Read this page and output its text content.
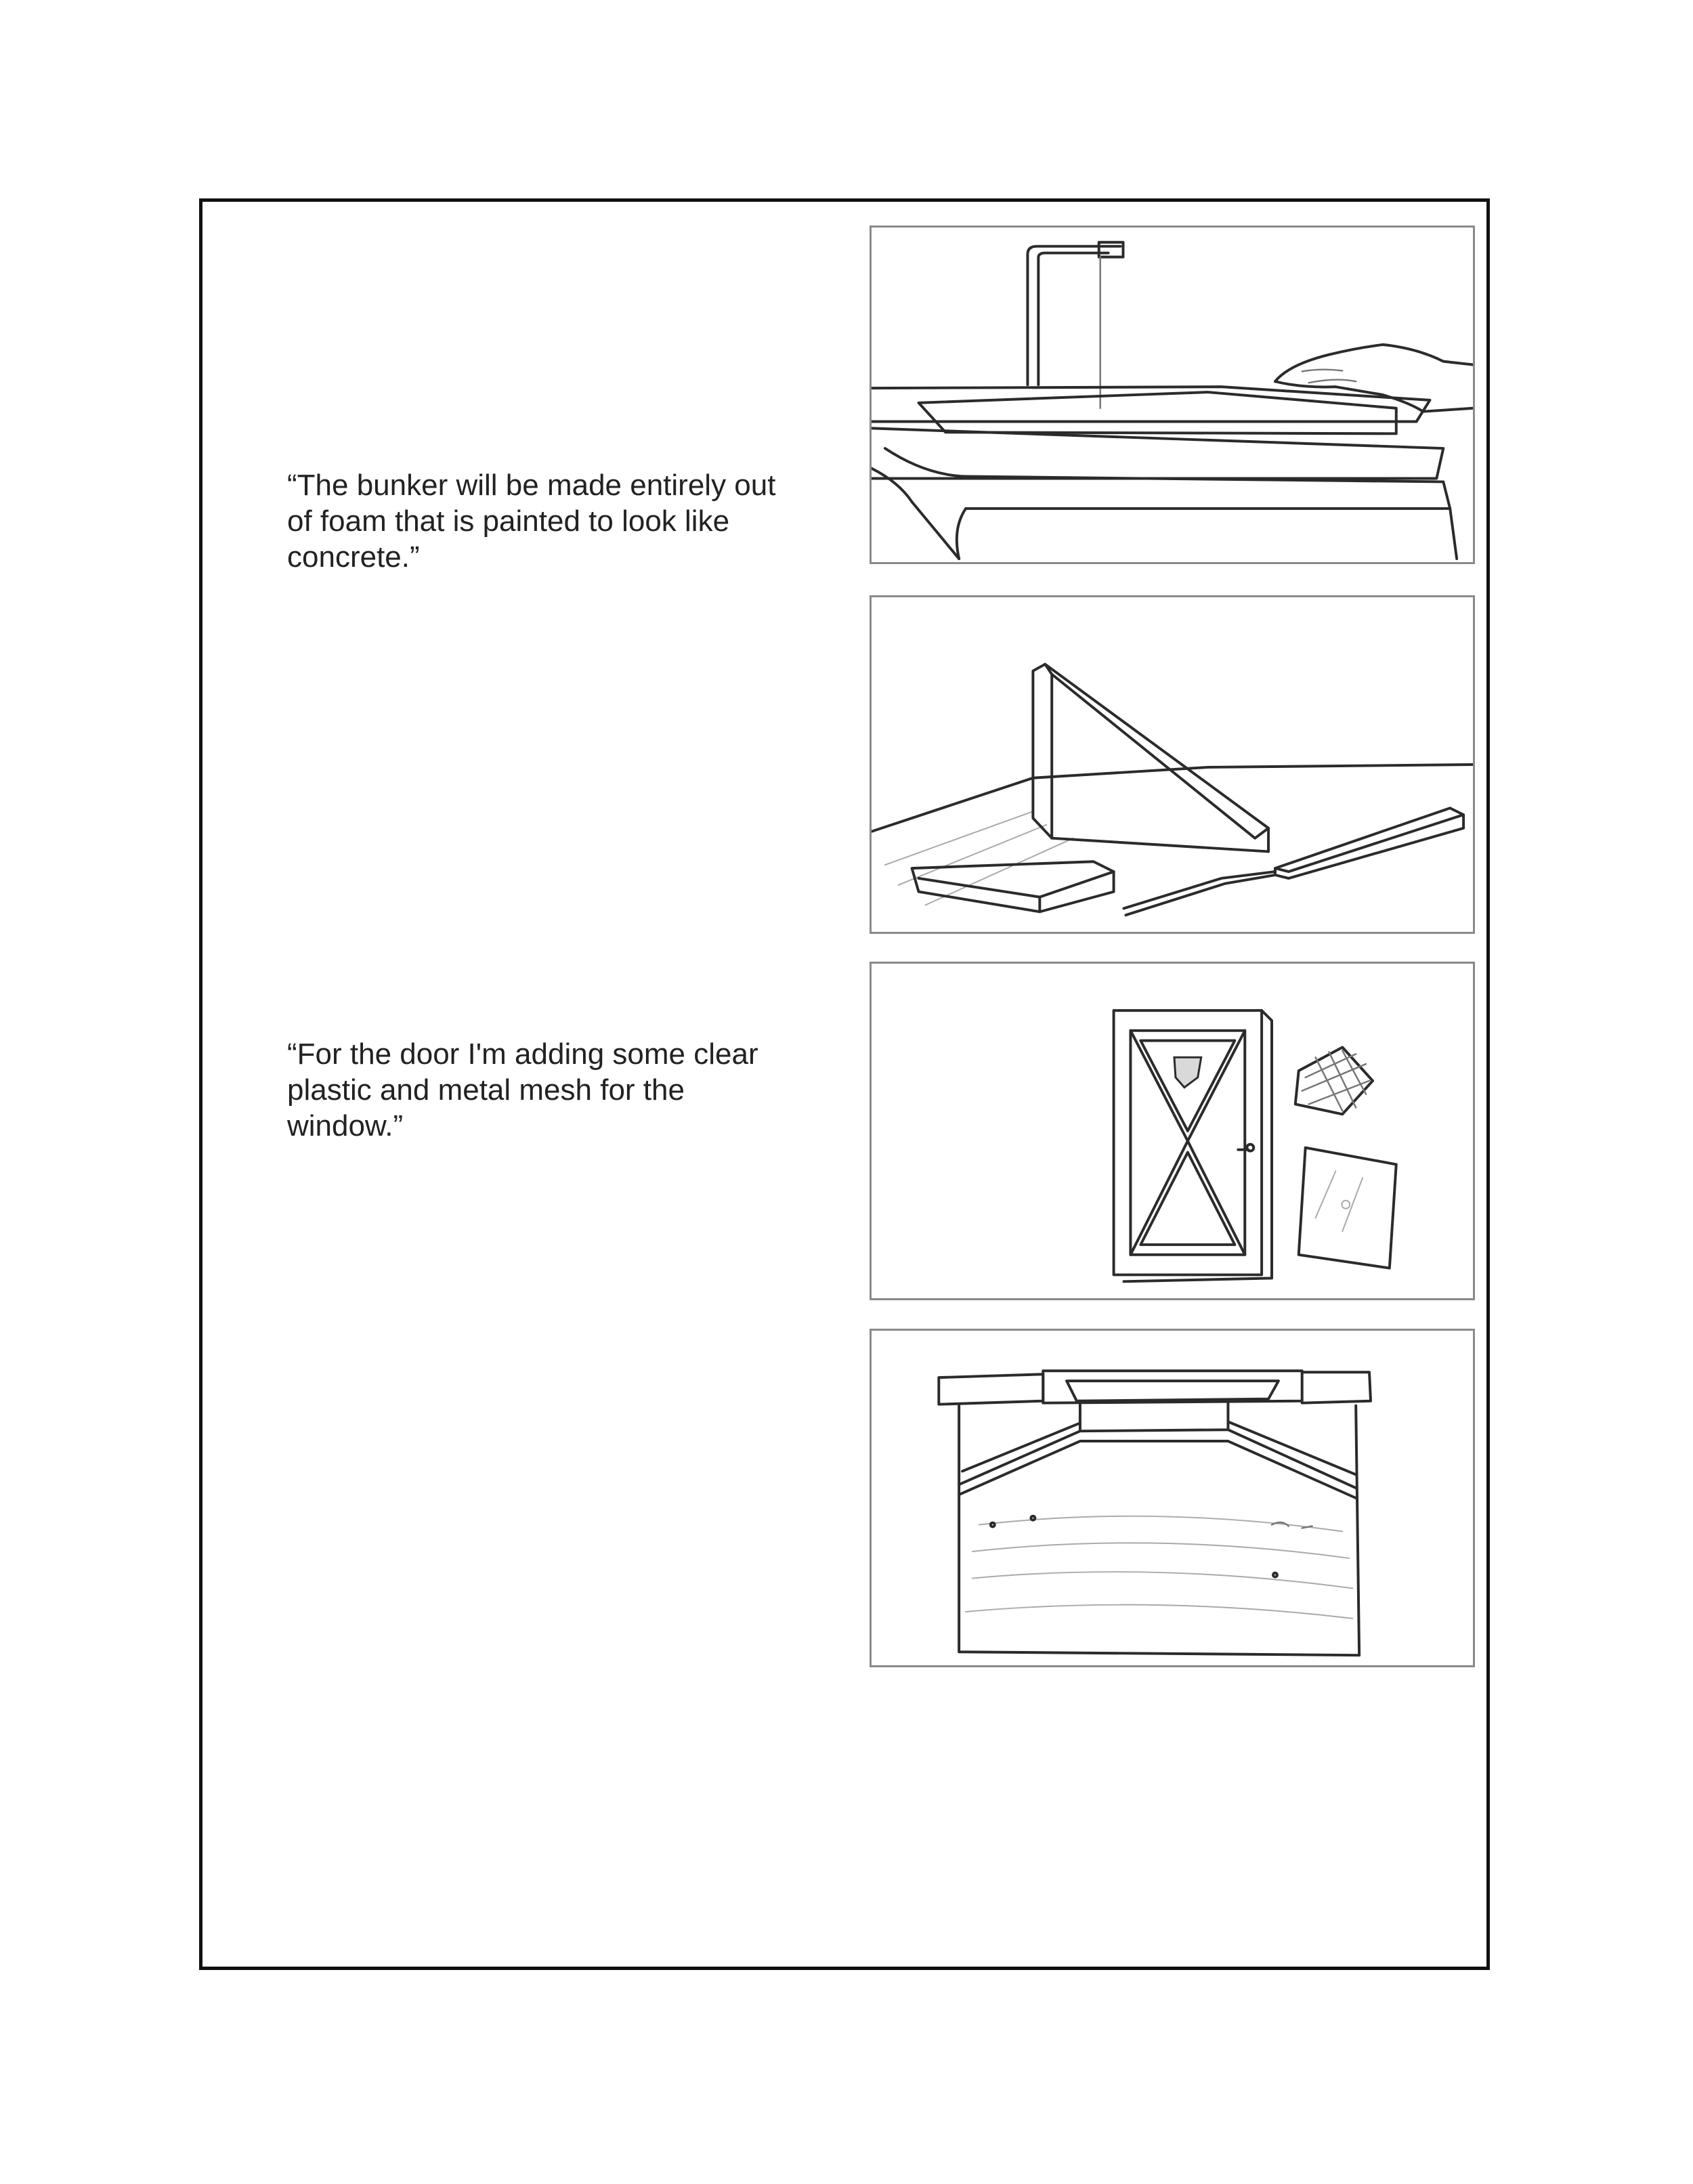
“The bunker will be made entirely out
of foam that is painted to look like
concrete.”
“For the door I'm adding some clear
plastic and metal mesh for the
window.”
